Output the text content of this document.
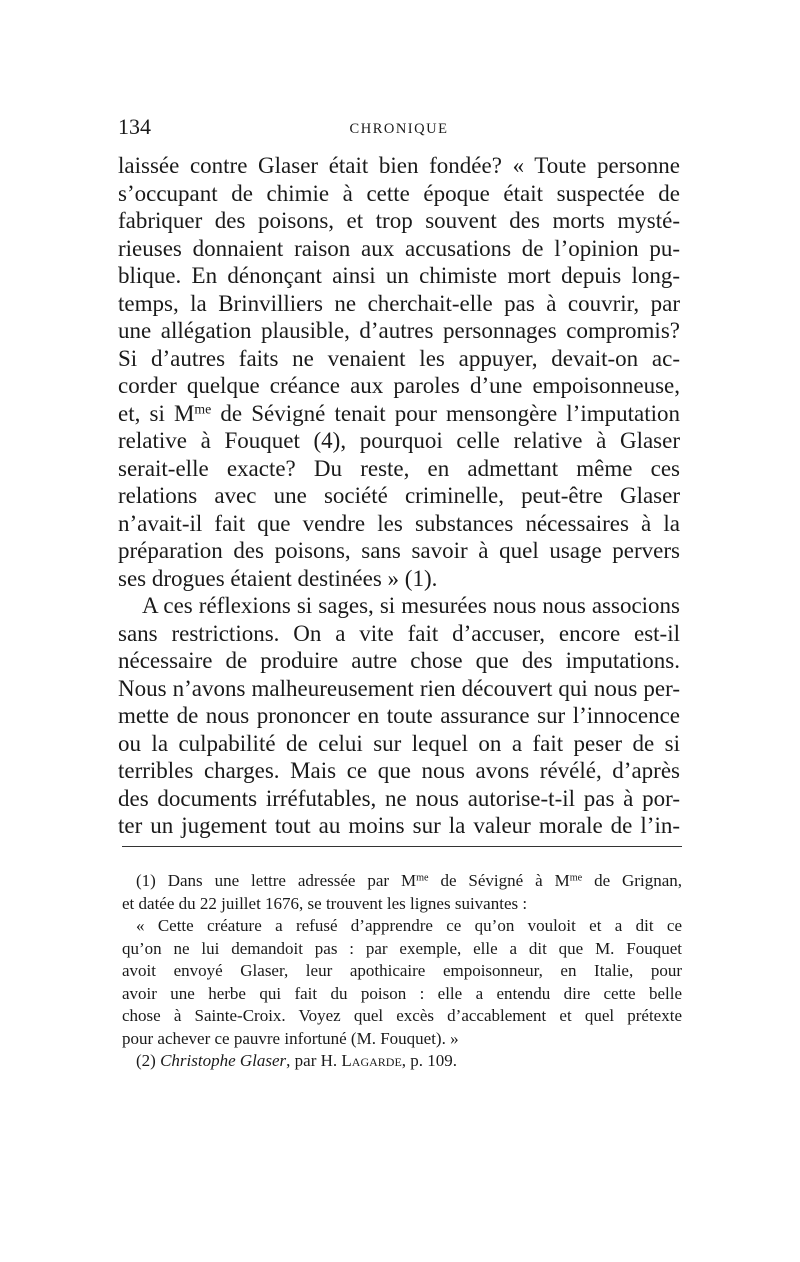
134	CHRONIQUE
laissée contre Glaser était bien fondée? « Toute personne
s’occupant de chimie à cette époque était suspectée de
fabriquer des poisons, et trop souvent des morts mysté-
rieuses donnaient raison aux accusations de l’opinion pu-
blique. En dénonçant ainsi un chimiste mort depuis long-
temps, la Brinvilliers ne cherchait-elle pas à couvrir, par
une allégation plausible, d’autres personnages compromis?
Si d’autres faits ne venaient les appuyer, devait-on ac-
corder quelque créance aux paroles d’une empoisonneuse,
et, si $M^{me}$ de Sévigné tenait pour mensongère l’imputation
relative à Fouquet (4), pourquoi celle relative à Glaser
serait-elle exacte? Du reste, en admettant même ces
relations avec une société criminelle, peut-être Glaser
n’avait-il fait que vendre les substances nécessaires à la
préparation des poisons, sans savoir à quel usage pervers
ses drogues étaient destinées » (1).
A ces réflexions si sages, si mesurées nous nous associons
sans restrictions. On a vite fait d’accuser, encore est-il
nécessaire de produire autre chose que des imputations.
Nous n’avons malheureusement rien découvert qui nous per-
mette de nous prononcer en toute assurance sur l’innocence
ou la culpabilité de celui sur lequel on a fait peser de si
terribles charges. Mais ce que nous avons révélé, d’après
des documents irréfutables, ne nous autorise-t-il pas à por-
ter un jugement tout au moins sur la valeur morale de l’in-
(1) Dans une lettre adressée par $M^{me}$ de Sévigné à $M^{me}$ de Grignan,
et datée du 22 juillet 1676, se trouvent les lignes suivantes :
« Cette créature a refusé d’apprendre ce qu’on vouloit et a dit ce
qu’on ne lui demandoit pas : par exemple, elle a dit que M. Fouquet
avoit envoyé Glaser, leur apothicaire empoisonneur, en Italie, pour
avoir une herbe qui fait du poison : elle a entendu dire cette belle
chose à Sainte-Croix. Voyez quel excès d’accablement et quel prétexte
pour achever ce pauvre infortuné (M. Fouquet). »
(2) Christophe Glaser, par H. Lagarde, p. 109.
